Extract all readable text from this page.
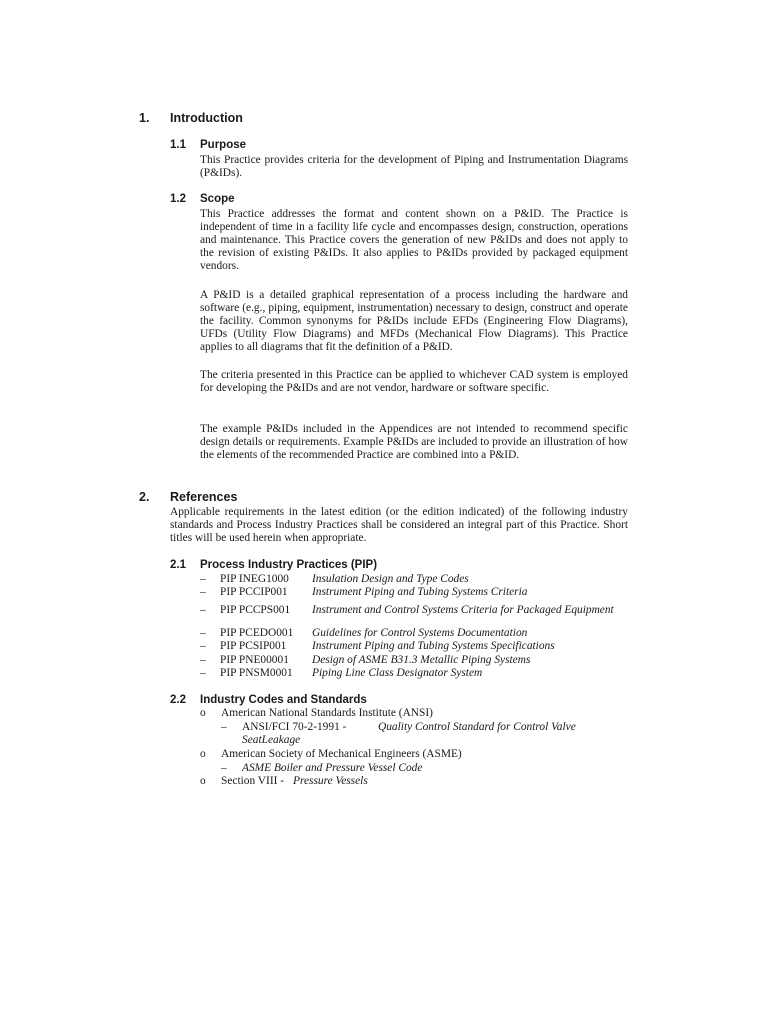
1. Introduction
1.1 Purpose

This Practice provides criteria for the development of Piping and Instrumentation Diagrams (P&IDs).

1.2 Scope

This Practice addresses the format and content shown on a P&ID. The Practice is independent of time in a facility life cycle and encompasses design, construction, operations and maintenance. This Practice covers the generation of new P&IDs and does not apply to the revision of existing P&IDs. It also applies to P&IDs provided by packaged equipment vendors.

A P&ID is a detailed graphical representation of a process including the hardware and software (e.g., piping, equipment, instrumentation) necessary to design, construct and operate the facility. Common synonyms for P&IDs include EFDs (Engineering Flow Diagrams), UFDs (Utility Flow Diagrams) and MFDs (Mechanical Flow Diagrams). This Practice applies to all diagrams that fit the definition of a P&ID.

The criteria presented in this Practice can be applied to whichever CAD system is employed for developing the P&IDs and are not vendor, hardware or software specific.

The example P&IDs included in the Appendices are not intended to recommend specific design details or requirements. Example P&IDs are included to provide an illustration of how the elements of the recommended Practice are combined into a P&ID.

2. References

Applicable requirements in the latest edition (or the edition indicated) of the following industry standards and Process Industry Practices shall be considered an integral part of this Practice. Short titles will be used herein when appropriate.

2.1 Process Industry Practices (PIP)
– PIP INEG1000 Insulation Design and Type Codes
– PIP PCCIP001 Instrument Piping and Tubing Systems Criteria
– PIP PCCPS001 Instrument and Control Systems Criteria for Packaged Equipment
– PIP PCEDO001 Guidelines for Control Systems Documentation
– PIP PCSIP001 Instrument Piping and Tubing Systems Specifications
– PIP PNE00001 Design of ASME B31.3 Metallic Piping Systems
– PIP PNSM0001 Piping Line Class Designator System
2.2 Industry Codes and Standards
o American National Standards Institute (ANSI)
– ANSI/FCI 70-2-1991 -	Quality Control Standard for Control Valve
SeatLeakage
o American Society of Mechanical Engineers (ASME)
– ASME Boiler and Pressure Vessel Code
o Section VIII - Pressure Vessels
